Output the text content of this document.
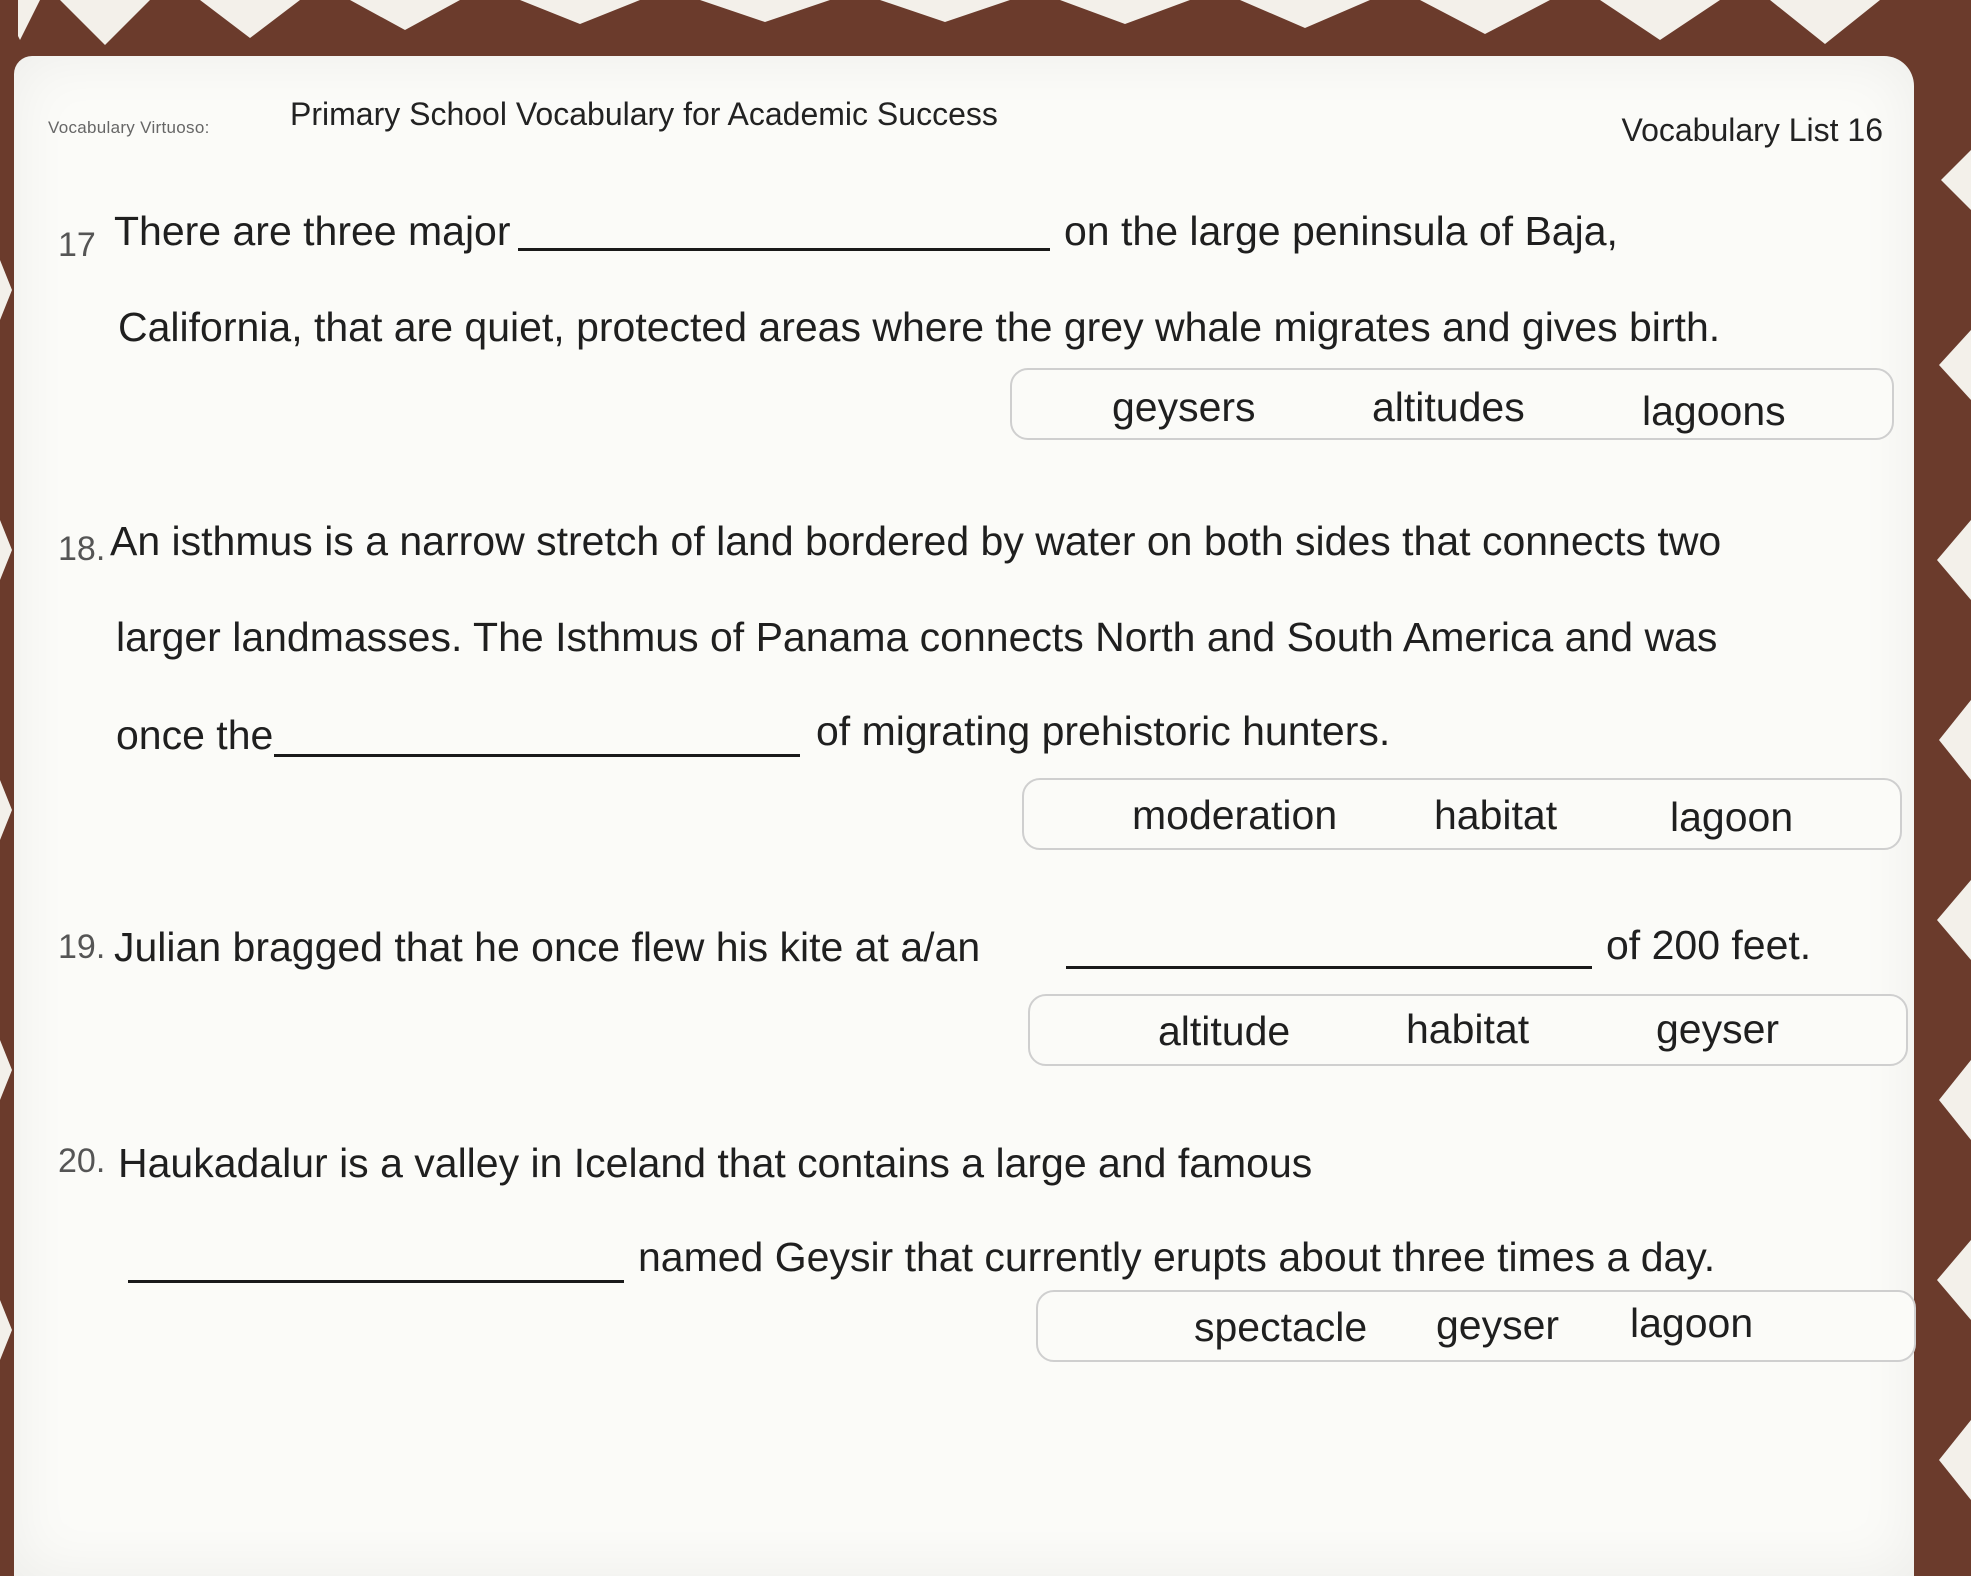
Vocabulary Virtuoso:	Primary School Vocabulary for Academic Success	Vocabulary List 16
17 There are three major	on the large peninsula of Baja,
California, that are quiet, protected areas where the grey whale migrates and gives birth.
geysers	altitudes	lagoons
18. An isthmus is a narrow stretch of land bordered by water on both sides that connects two
larger landmasses. The Isthmus of Panama connects North and South America and was
once the	of migrating prehistoric hunters.
moderation habitat	lagoon
19. Julian bragged that he once flew his kite at a/an	of 200 feet.
altitude	habitat	geyser
20. Haukadalur is a valley in Iceland that contains a large and famous
named Geysir that currently erupts about three times a day.
spectacle geyser lagoon
